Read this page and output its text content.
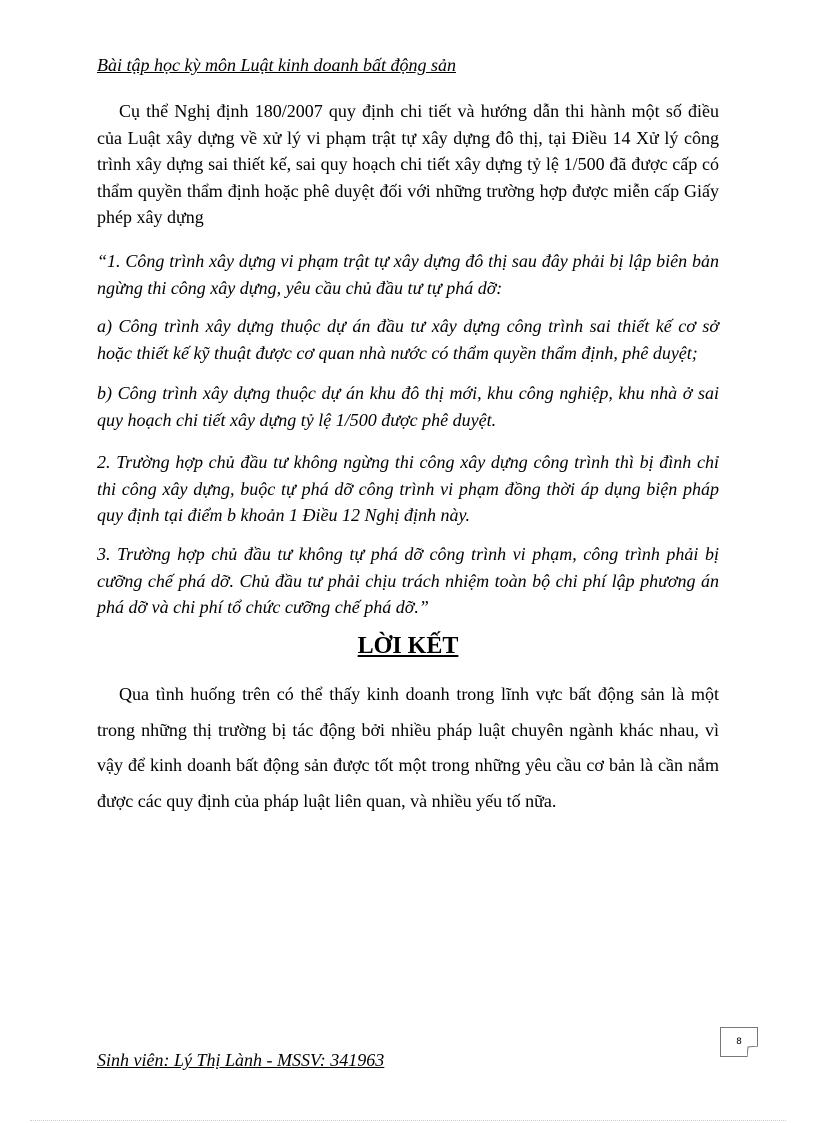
Bài tập học kỳ môn Luật kinh doanh bất động sản

Cụ thể Nghị định 180/2007 quy định chi tiết và hướng dẫn thi hành một số điều của Luật xây dựng về xử lý vi phạm trật tự xây dựng đô thị, tại Điều 14 Xử lý công trình xây dựng sai thiết kế, sai quy hoạch chi tiết xây dựng tỷ lệ 1/500 đã được cấp có thẩm quyền thẩm định hoặc phê duyệt đối với những trường hợp được miễn cấp Giấy phép xây dựng

“1. Công trình xây dựng vi phạm trật tự xây dựng đô thị sau đây phải bị lập biên bản ngừng thi công xây dựng, yêu cầu chủ đầu tư tự phá dỡ:

a) Công trình xây dựng thuộc dự án đầu tư xây dựng công trình sai thiết kế cơ sở hoặc thiết kế kỹ thuật được cơ quan nhà nước có thẩm quyền thẩm định, phê duyệt;

b) Công trình xây dựng thuộc dự án khu đô thị mới, khu công nghiệp, khu nhà ở sai quy hoạch chi tiết xây dựng tỷ lệ 1/500 được phê duyệt.

2. Trường hợp chủ đầu tư không ngừng thi công xây dựng công trình thì bị đình chỉ thi công xây dựng, buộc tự phá dỡ công trình vi phạm đồng thời áp dụng biện pháp quy định tại điểm b khoản 1 Điều 12 Nghị định này.

3. Trường hợp chủ đầu tư không tự phá dỡ công trình vi phạm, công trình phải bị cưỡng chế phá dỡ. Chủ đầu tư phải chịu trách nhiệm toàn bộ chi phí lập phương án phá dỡ và chi phí tổ chức cưỡng chế phá dỡ.”

LỜI KẾT

Qua tình huống trên có thể thấy kinh doanh trong lĩnh vực bất động sản là một trong những thị trường bị tác động bởi nhiều pháp luật chuyên ngành khác nhau, vì vậy để kinh doanh bất động sản được tốt một trong những yêu cầu cơ bản là cần nắm được các quy định của pháp luật liên quan, và nhiều yếu tố nữa.

Sinh viên: Lý Thị Lành - MSSV: 341963
8
